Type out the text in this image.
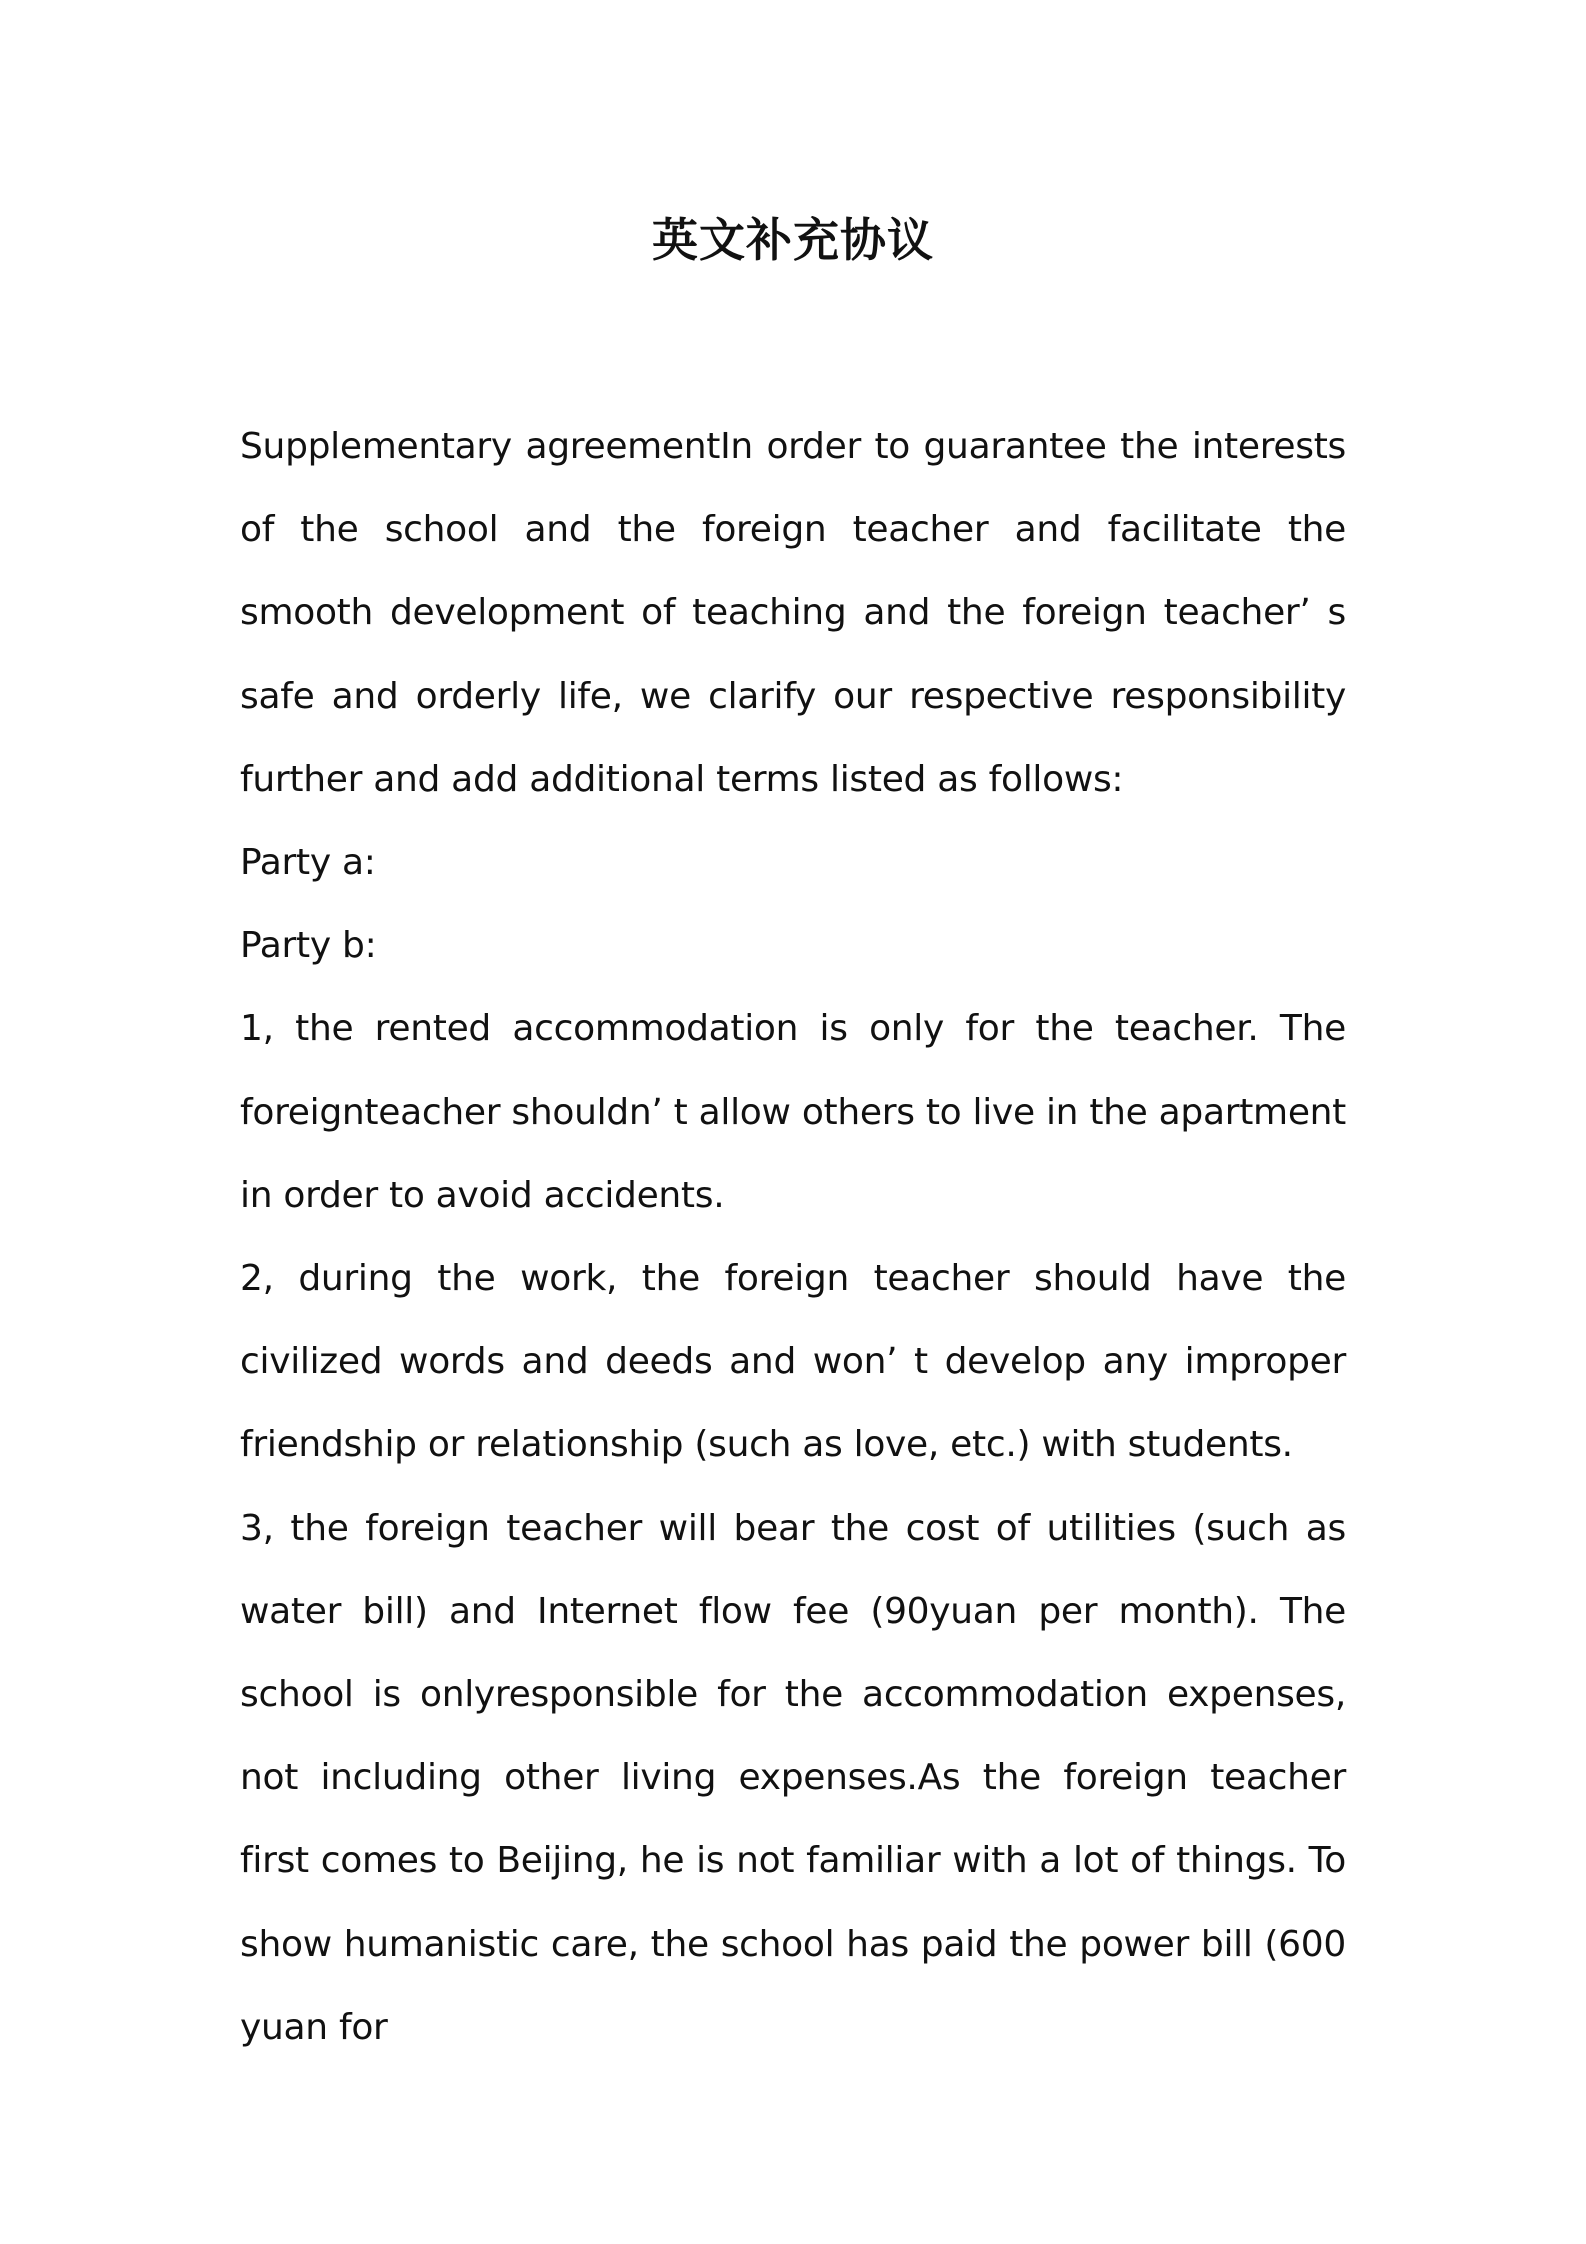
英文补充协议

Supplementary agreementIn order to guarantee the interests of the school and the foreign teacher and facilitate the smooth development of teaching and the foreign teacher’ s safe and orderly life, we clarify our respective responsibility further and add additional terms listed as follows:

Party a:

Party b:

1, the rented accommodation is only for the teacher. The foreignteacher shouldn’ t allow others to live in the apartment in order to avoid accidents.

2, during the work, the foreign teacher should have the civilized words and deeds and won’ t develop any improper friendship or relationship (such as love, etc.) with students.

3, the foreign teacher will bear the cost of utilities (such as water bill) and Internet flow fee (90yuan per month). The school is onlyresponsible for the accommodation expenses, not including other living expenses.As the foreign teacher first comes to Beijing, he is not familiar with a lot of things. To show humanistic care, the school has paid the power bill (600 yuan for
